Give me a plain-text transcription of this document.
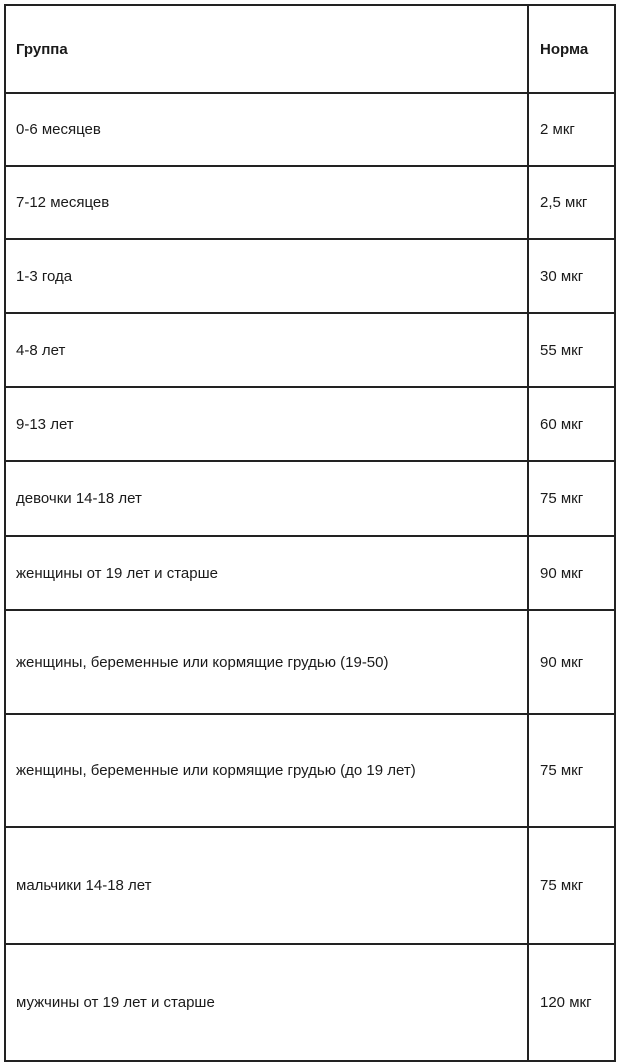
Группа	Норма
0-6 месяцев	2 мкг
7-12 месяцев	2,5 мкг
1-3 года	30 мкг
4-8 лет	55 мкг
9-13 лет	60 мкг
девочки 14-18 лет	75 мкг
женщины от 19 лет и старше	90 мкг
женщины, беременные или кормящие грудью (19-50)	90 мкг
женщины, беременные или кормящие грудью (до 19 лет)	75 мкг
мальчики 14-18 лет	75 мкг
мужчины от 19 лет и старше	120 мкг
